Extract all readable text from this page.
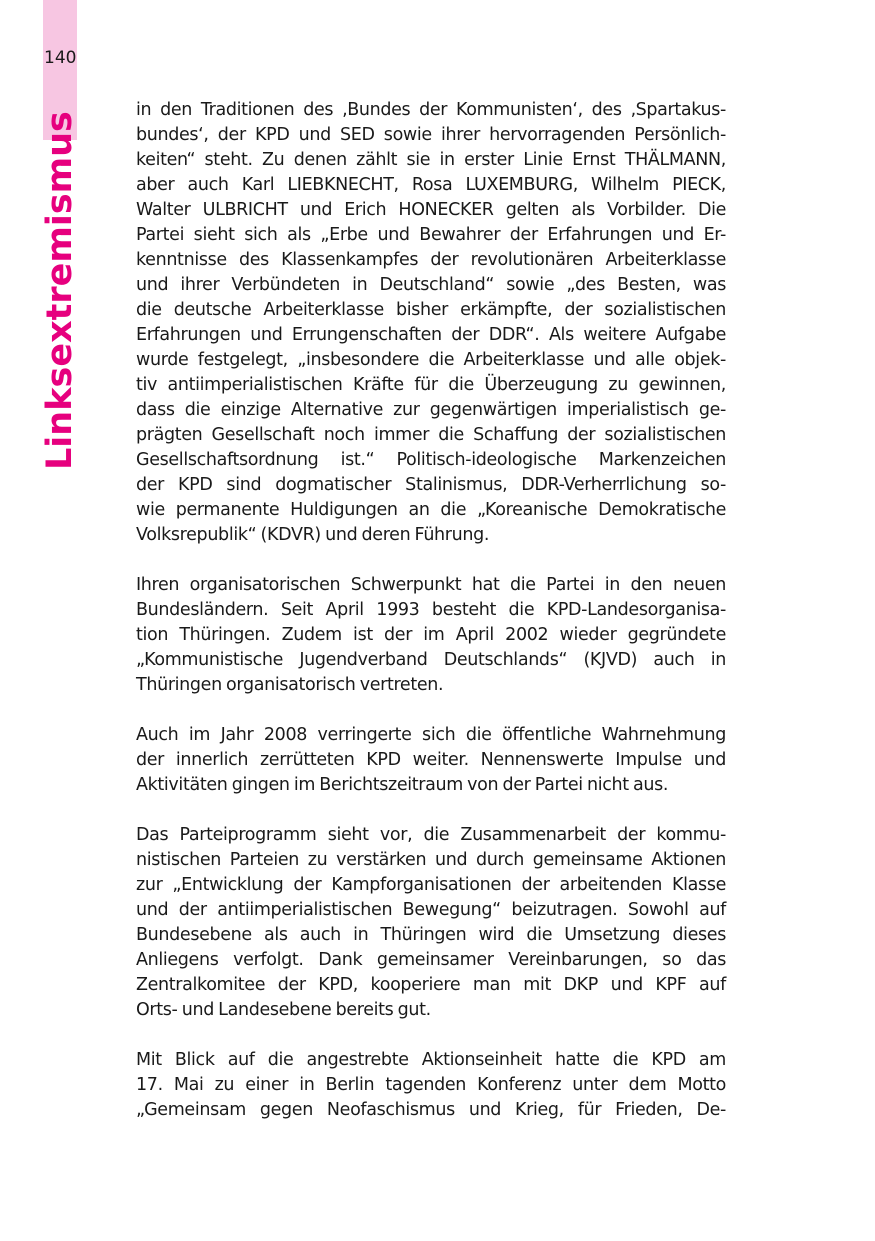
140
Linksextremismus
in den Traditionen des ‚Bundes der Kommunisten‘, des ‚Spartakus-
bundes‘, der KPD und SED sowie ihrer hervorragenden Persönlich-
keiten“ steht. Zu denen zählt sie in erster Linie Ernst THÄLMANN,
aber auch Karl LIEBKNECHT, Rosa LUXEMBURG, Wilhelm PIECK,
Walter ULBRICHT und Erich HONECKER gelten als Vorbilder. Die
Partei sieht sich als „Erbe und Bewahrer der Erfahrungen und Er-
kenntnisse des Klassenkampfes der revolutionären Arbeiterklasse
und ihrer Verbündeten in Deutschland“ sowie „des Besten, was
die deutsche Arbeiterklasse bisher erkämpfte, der sozialistischen
Erfahrungen und Errungenschaften der DDR“. Als weitere Aufgabe
wurde festgelegt, „insbesondere die Arbeiterklasse und alle objek-
tiv antiimperialistischen Kräfte für die Überzeugung zu gewinnen,
dass die einzige Alternative zur gegenwärtigen imperialistisch ge-
prägten Gesellschaft noch immer die Schaffung der sozialistischen
Gesellschaftsordnung ist.“ Politisch-ideologische Markenzeichen
der KPD sind dogmatischer Stalinismus, DDR-Verherrlichung so-
wie permanente Huldigungen an die „Koreanische Demokratische
Volksrepublik“ (KDVR) und deren Führung.
Ihren organisatorischen Schwerpunkt hat die Partei in den neuen
Bundesländern. Seit April 1993 besteht die KPD-Landesorganisa-
tion Thüringen. Zudem ist der im April 2002 wieder gegründete
„Kommunistische Jugendverband Deutschlands“ (KJVD) auch in
Thüringen organisatorisch vertreten.
Auch im Jahr 2008 verringerte sich die öffentliche Wahrnehmung
der innerlich zerrütteten KPD weiter. Nennenswerte Impulse und
Aktivitäten gingen im Berichtszeitraum von der Partei nicht aus.
Das Parteiprogramm sieht vor, die Zusammenarbeit der kommu-
nistischen Parteien zu verstärken und durch gemeinsame Aktionen
zur „Entwicklung der Kampforganisationen der arbeitenden Klasse
und der antiimperialistischen Bewegung“ beizutragen. Sowohl auf
Bundesebene als auch in Thüringen wird die Umsetzung dieses
Anliegens verfolgt. Dank gemeinsamer Vereinbarungen, so das
Zentralkomitee der KPD, kooperiere man mit DKP und KPF auf
Orts- und Landesebene bereits gut.
Mit Blick auf die angestrebte Aktionseinheit hatte die KPD am
17. Mai zu einer in Berlin tagenden Konferenz unter dem Motto
„Gemeinsam gegen Neofaschismus und Krieg, für Frieden, De-
